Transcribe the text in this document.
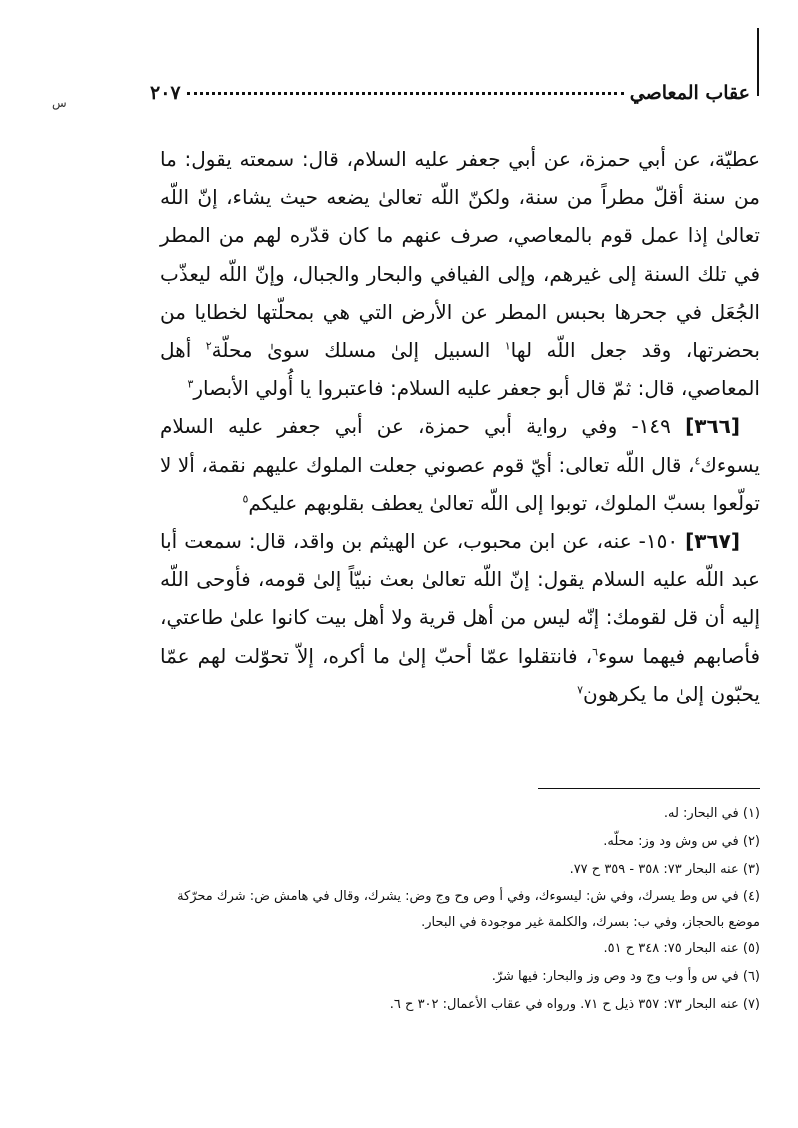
عقاب المعاصي
٢٠٧
س

عطيّة، عن أبي حمزة، عن أبي جعفر عليه السلام، قال: سمعته يقول: ما من سنة أقلّ مطراً من سنة، ولكنّ اللّه تعالىٰ يضعه حيث يشاء، إنّ اللّه تعالىٰ إذا عمل قوم بالمعاصي، صرف عنهم ما كان قدّره لهم من المطر في تلك السنة إلى غيرهم، وإلى الفيافي والبحار والجبال، وإنّ اللّه ليعذّب الجُعَل في جحرها بحبس المطر عن الأرض التي هي بمحلّتها لخطايا من بحضرتها، وقد جعل اللّه لها$^١$ السبيل إلىٰ مسلك سوىٰ محلّة$^٢$ أهل المعاصي، قال: ثمّ قال أبو جعفر عليه السلام: فاعتبروا يا أُولي الأبصار$^٣$

[٣٦٦] ١٤٩- وفي رواية أبي حمزة، عن أبي جعفر عليه السلام يسوءك$^٤$، قال اللّه تعالى: أيّ قوم عصوني جعلت الملوك عليهم نقمة، ألا لا تولّعوا بسبّ الملوك، توبوا إلى اللّه تعالىٰ يعطف بقلوبهم عليكم$^٥$

[٣٦٧] ١٥٠- عنه، عن ابن محبوب، عن الهيثم بن واقد، قال: سمعت أبا عبد اللّه عليه السلام يقول: إنّ اللّه تعالىٰ بعث نبيّاً إلىٰ قومه، فأوحى اللّه إليه أن قل لقومك: إنّه ليس من أهل قرية ولا أهل بيت كانوا علىٰ طاعتي، فأصابهم فيهما سوء$^٦$، فانتقلوا عمّا أحبّ إلىٰ ما أكره، إلاّ تحوّلت لهم عمّا يحبّون إلىٰ ما يكرهون$^٧$

(١) في البحار: له.

(٢) في س وش ود وز: محلّه.

(٣) عنه البحار ٧٣: ٣٥٨ - ٣٥٩ ح ٧٧.

(٤) في س وط يسرك، وفي ش: ليسوءك، وفي أ وص وح وج وض: يشرك، وقال في هامش ض: شرك محرّكة موضع بالحجاز، وفي ب: بسرك، والكلمة غير موجودة في البحار.

(٥) عنه البحار ٧٥: ٣٤٨ ح ٥١.

(٦) في س وأ وب وج ود وص وز والبحار: فيها شرّ.

(٧) عنه البحار ٧٣: ٣٥٧ ذيل ح ٧١. ورواه في عقاب الأعمال: ٣٠٢ ح ٦.
